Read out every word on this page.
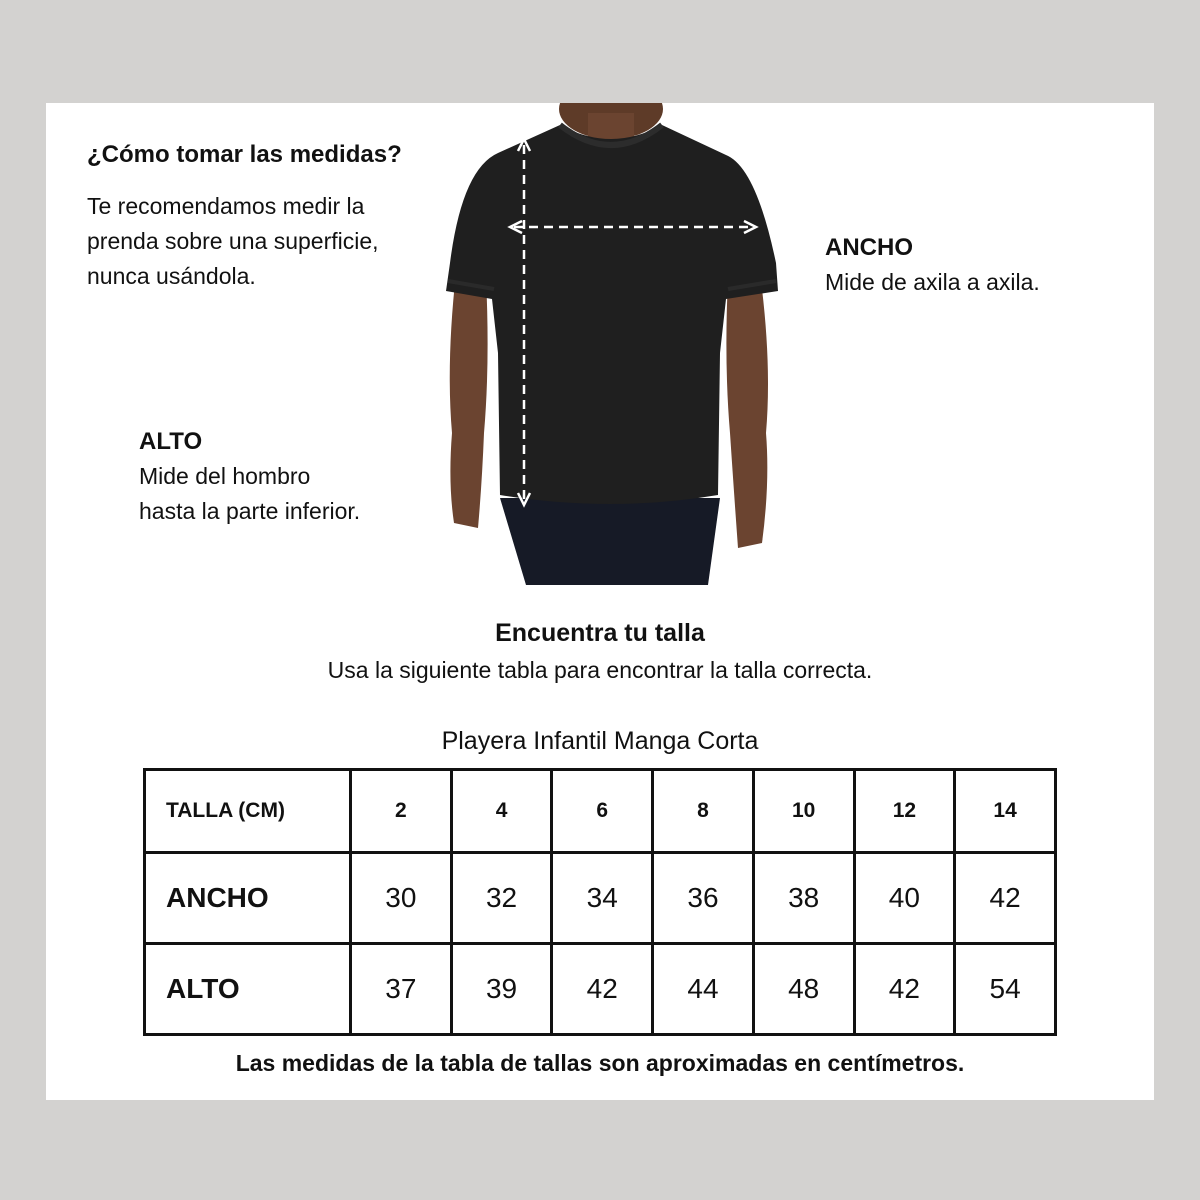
¿Cómo tomar las medidas?
Te recomendamos medir la
prenda sobre una superficie,
nunca usándola.
ANCHO
Mide de axila a axila.
ALTO
Mide del hombro
hasta la parte inferior.
Encuentra tu talla
Usa la siguiente tabla para encontrar la talla correcta.
Playera Infantil Manga Corta
TALLA (CM)	2	4	6	8	10	12	14
ANCHO	30	32	34	36	38	40	42
ALTO	37	39	42	44	48	42	54
Las medidas de la tabla de tallas son aproximadas en centímetros.
